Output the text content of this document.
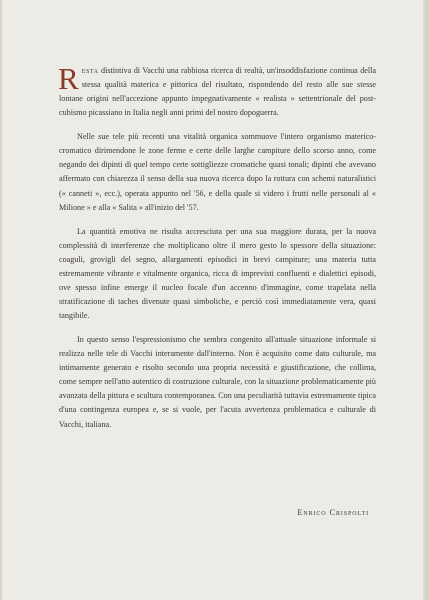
Resta distintiva di Vacchi una rabbiosa ricerca di realtà, un'insoddisfazione continua della stessa qualità materica e pittorica del risultato, rispondendo del resto alle sue stesse lontane origini nell'accezione appunto impegnativamente « realista » settentrionale del post-cubismo picassiano in Italia negli anni primi del nostro dopoguerra.

Nelle sue tele più recenti una vitalità organica sommuove l'intero organismo materico-cromatico dirimendone le zone ferme e certe delle larghe campiture dello scorso anno, come negando dei dipinti di quel tempo certe sottigliezze cromatiche quasi tonali; dipinti che avevano affermato con chiarezza il senso della sua nuova ricerca dopo la rottura con schemi naturalistici (« canneti », ecc.), operata appunto nel '56, e della quale si videro i frutti nelle personali al « Milione » e alla « Salita » all'inizio del '57.

La quantità emotiva ne risulta accresciuta per una sua maggiore durata, per la nuova complessità di interferenze che moltiplicano oltre il mero gesto lo spessore della situazione: coaguli, grovigli del segno, allargamenti episodici in brevi campiture; una materia tutta estremamente vibrante e vitalmente organica, ricca di imprevisti confluenti e dialettici episodi, ove spesso infine emerge il nucleo focale d'un accenno d'immagine, come trapelata nella stratificazione di taches divenute quasi simboliche, e perciò così immediatamente vera, quasi tangibile.

In questo senso l'espressionismo che sembra congenito all'attuale situazione informale si realizza nelle tele di Vacchi interamente dall'interno. Non è acquisito come dato culturale, ma intimamente generato e risolto secondo una propria necessità e giustificazione, che collima, come sempre nell'atto autentico di costruzione culturale, con la situazione problematicamente più avanzata della pittura e scultura contemporanea. Con una peculiarità tuttavia estremamente tipica d'una contingenza europea e, se si vuole, per l'acuta avvertenza problematica e culturale di Vacchi, italiana.

Enrico Crispolti
